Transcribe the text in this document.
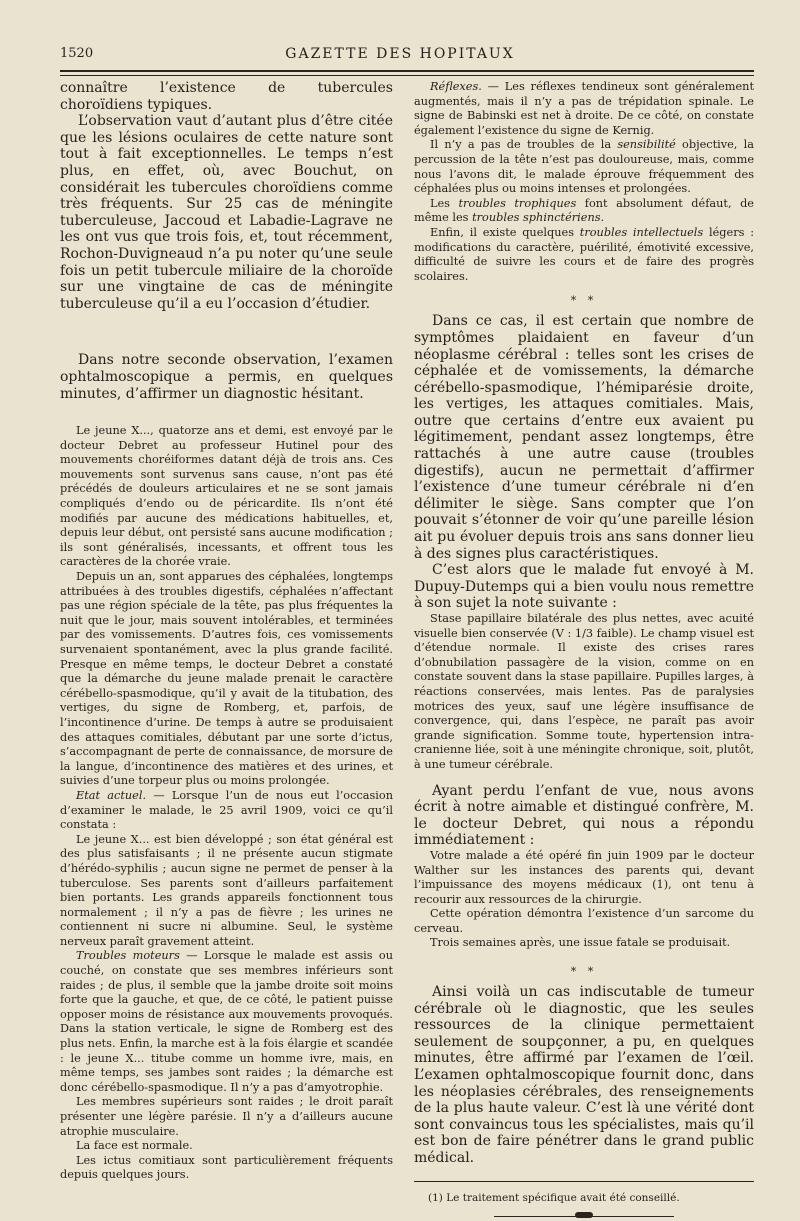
1520	GAZETTE DES HOPITAUX

connaître l’existence de tubercules choroïdiens typiques.

L’observation vaut d’autant plus d’être citée que les lésions oculaires de cette nature sont tout à fait exceptionnelles. Le temps n’est plus, en effet, où, avec Bouchut, on considérait les tubercules choroïdiens comme très fréquents. Sur 25 cas de méningite tuberculeuse, Jaccoud et Labadie-Lagrave ne les ont vus que trois fois, et, tout récemment, Rochon-Duvigneaud n’a pu noter qu’une seule fois un petit tubercule miliaire de la choroïde sur une vingtaine de cas de méningite tuberculeuse qu’il a eu l’occasion d’étudier.

Dans notre seconde observation, l’examen ophtalmoscopique a permis, en quelques minutes, d’affirmer un diagnostic hésitant.

Le jeune X..., quatorze ans et demi, est envoyé par le docteur Debret au professeur Hutinel pour des mouvements choréiformes datant déjà de trois ans. Ces mouvements sont survenus sans cause, n’ont pas été précédés de douleurs articulaires et ne se sont jamais compliqués d’endo ou de péricardite. Ils n’ont été modifiés par aucune des médications habituelles, et, depuis leur début, ont persisté sans aucune modification ; ils sont généralisés, incessants, et offrent tous les caractères de la chorée vraie.

Depuis un an, sont apparues des céphalées, longtemps attribuées à des troubles digestifs, céphalées n’affectant pas une région spéciale de la tête, pas plus fréquentes la nuit que le jour, mais souvent intolérables, et terminées par des vomissements. D’autres fois, ces vomissements survenaient spontanément, avec la plus grande facilité. Presque en même temps, le docteur Debret a constaté que la démarche du jeune malade prenait le caractère cérébello-spasmodique, qu’il y avait de la titubation, des vertiges, du signe de Romberg, et, parfois, de l’incontinence d’urine. De temps à autre se produisaient des attaques comitiales, débutant par une sorte d’ictus, s’accompagnant de perte de connaissance, de morsure de la langue, d’incontinence des matières et des urines, et suivies d’une torpeur plus ou moins prolongée.

Etat actuel. — Lorsque l’un de nous eut l’occasion d’examiner le malade, le 25 avril 1909, voici ce qu’il constata :

Le jeune X... est bien développé ; son état général est des plus satisfaisants ; il ne présente aucun stigmate d’hérédo-syphilis ; aucun signe ne permet de penser à la tuberculose. Ses parents sont d’ailleurs parfaitement bien portants. Les grands appareils fonctionnent tous normalement ; il n’y a pas de fièvre ; les urines ne contiennent ni sucre ni albumine. Seul, le système nerveux paraît gravement atteint.

Troubles moteurs — Lorsque le malade est assis ou couché, on constate que ses membres inférieurs sont raides ; de plus, il semble que la jambe droite soit moins forte que la gauche, et que, de ce côté, le patient puisse opposer moins de résistance aux mouvements provoqués. Dans la station verticale, le signe de Romberg est des plus nets. Enfin, la marche est à la fois élargie et scandée : le jeune X... titube comme un homme ivre, mais, en même temps, ses jambes sont raides ; la démarche est donc cérébello-spasmodique. Il n’y a pas d’amyotrophie.

Les membres supérieurs sont raides ; le droit paraît présenter une légère parésie. Il n’y a d’ailleurs aucune atrophie musculaire.

La face est normale.

Les ictus comitiaux sont particulièrement fréquents depuis quelques jours.

Réflexes. — Les réflexes tendineux sont généralement augmentés, mais il n’y a pas de trépidation spinale. Le signe de Babinski est net à droite. De ce côté, on constate également l’existence du signe de Kernig.

Il n’y a pas de troubles de la sensibilité objective, la percussion de la tête n’est pas douloureuse, mais, comme nous l’avons dit, le malade éprouve fréquemment des céphalées plus ou moins intenses et prolongées.

Les troubles trophiques font absolument défaut, de même les troubles sphinctériens.

Enfin, il existe quelques troubles intellectuels légers : modifications du caractère, puérilité, émotivité excessive, difficulté de suivre les cours et de faire des progrès scolaires.

* *

Dans ce cas, il est certain que nombre de symptômes plaidaient en faveur d’un néoplasme cérébral : telles sont les crises de céphalée et de vomissements, la démarche cérébello-spasmodique, l’hémiparésie droite, les vertiges, les attaques comitiales. Mais, outre que certains d’entre eux avaient pu légitimement, pendant assez longtemps, être rattachés à une autre cause (troubles digestifs), aucun ne permettait d’affirmer l’existence d’une tumeur cérébrale ni d’en délimiter le siège. Sans compter que l’on pouvait s’étonner de voir qu’une pareille lésion ait pu évoluer depuis trois ans sans donner lieu à des signes plus caractéristiques.

C’est alors que le malade fut envoyé à M. Dupuy-Dutemps qui a bien voulu nous remettre à son sujet la note suivante :

Stase papillaire bilatérale des plus nettes, avec acuité visuelle bien conservée (V : 1/3 faible). Le champ visuel est d’étendue normale. Il existe des crises rares d’obnubilation passagère de la vision, comme on en constate souvent dans la stase papillaire. Pupilles larges, à réactions conservées, mais lentes. Pas de paralysies motrices des yeux, sauf une légère insuffisance de convergence, qui, dans l’espèce, ne paraît pas avoir grande signification. Somme toute, hypertension intracranienne liée, soit à une méningite chronique, soit, plutôt, à une tumeur cérébrale.

Ayant perdu l’enfant de vue, nous avons écrit à notre aimable et distingué confrère, M. le docteur Debret, qui nous a répondu immédiatement :

Votre malade a été opéré fin juin 1909 par le docteur Walther sur les instances des parents qui, devant l’impuissance des moyens médicaux (1), ont tenu à recourir aux ressources de la chirurgie.

Cette opération démontra l’existence d’un sarcome du cerveau.

Trois semaines après, une issue fatale se produisait.

* *

Ainsi voilà un cas indiscutable de tumeur cérébrale où le diagnostic, que les seules ressources de la clinique permettaient seulement de soupçonner, a pu, en quelques minutes, être affirmé par l’examen de l’œil. L’examen ophtalmoscopique fournit donc, dans les néoplasies cérébrales, des renseignements de la plus haute valeur. C’est là une vérité dont sont convaincus tous les spécialistes, mais qu’il est bon de faire pénétrer dans le grand public médical.

(1) Le traitement spécifique avait été conseillé.
